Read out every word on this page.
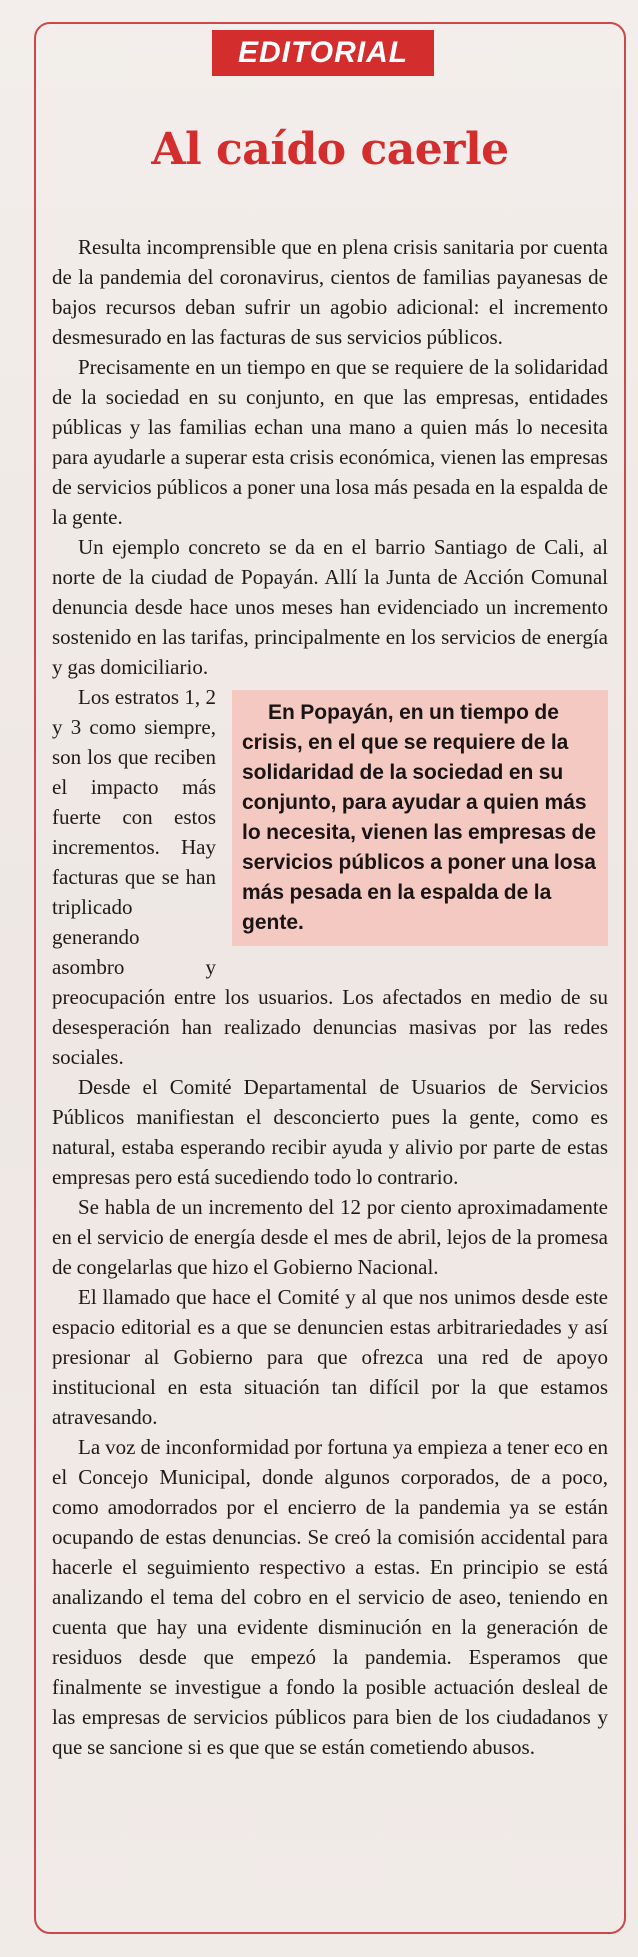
EDITORIAL
Al caído caerle

Resulta incomprensible que en plena crisis sanitaria por cuenta de la pandemia del coronavirus, cientos de familias payanesas de bajos recursos deban sufrir un agobio adicional: el incremento desmesurado en las facturas de sus servicios públicos.

Precisamente en un tiempo en que se requiere de la solidaridad de la sociedad en su conjunto, en que las empresas, entidades públicas y las familias echan una mano a quien más lo necesita para ayudarle a superar esta crisis económica, vienen las empresas de servicios públicos a poner una losa más pesada en la espalda de la gente.

Un ejemplo concreto se da en el barrio Santiago de Cali, al norte de la ciudad de Popayán. Allí la Junta de Acción Comunal denuncia desde hace unos meses han evidenciado un incremento sostenido en las tarifas, principalmente en los servicios de energía y gas domiciliario.

En Popayán, en un tiempo de crisis, en el que se requiere de la solidaridad de la sociedad en su conjunto, para ayudar a quien más lo necesita, vienen las empresas de servicios públicos a poner una losa más pesada en la espalda de la gente.
Los estratos 1, 2 y 3 como siempre, son los que reciben el impacto más fuerte con estos incrementos. Hay facturas que se han triplicado generando asombro y preocupación entre los usuarios. Los afectados en medio de su desesperación han realizado denuncias masivas por las redes sociales.

Desde el Comité Departamental de Usuarios de Servicios Públicos manifiestan el desconcierto pues la gente, como es natural, estaba esperando recibir ayuda y alivio por parte de estas empresas pero está sucediendo todo lo contrario.

Se habla de un incremento del 12 por ciento aproximadamente en el servicio de energía desde el mes de abril, lejos de la promesa de congelarlas que hizo el Gobierno Nacional.

El llamado que hace el Comité y al que nos unimos desde este espacio editorial es a que se denuncien estas arbitrariedades y así presionar al Gobierno para que ofrezca una red de apoyo institucional en esta situación tan difícil por la que estamos atravesando.

La voz de inconformidad por fortuna ya empieza a tener eco en el Concejo Municipal, donde algunos corporados, de a poco, como amodorrados por el encierro de la pandemia ya se están ocupando de estas denuncias. Se creó la comisión accidental para hacerle el seguimiento respectivo a estas. En principio se está analizando el tema del cobro en el servicio de aseo, teniendo en cuenta que hay una evidente disminución en la generación de residuos desde que empezó la pandemia. Esperamos que finalmente se investigue a fondo la posible actuación desleal de las empresas de servicios públicos para bien de los ciudadanos y que se sancione si es que que se están cometiendo abusos.
